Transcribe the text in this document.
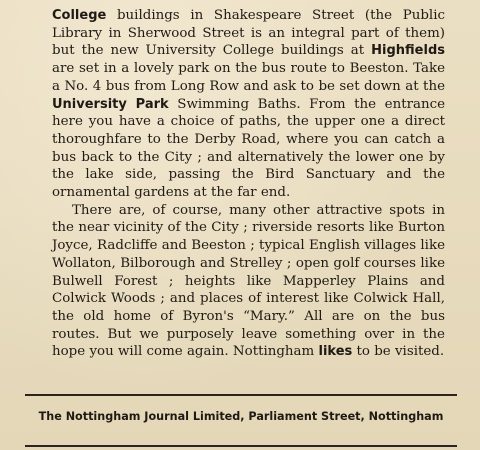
College buildings in Shakespeare Street (the Public Library in Sherwood Street is an integral part of them) but the new University College buildings at Highfields are set in a lovely park on the bus route to Beeston. Take a No. 4 bus from Long Row and ask to be set down at the University Park Swimming Baths. From the entrance here you have a choice of paths, the upper one a direct thoroughfare to the Derby Road, where you can catch a bus back to the City ; and alternatively the lower one by the lake side, passing the Bird Sanctuary and the ornamental gardens at the far end.

There are, of course, many other attractive spots in the near vicinity of the City ; riverside resorts like Burton Joyce, Radcliffe and Beeston ; typical English villages like Wollaton, Bilborough and Strelley ; open golf courses like Bulwell Forest ; heights like Mapperley Plains and Colwick Woods ; and places of interest like Colwick Hall, the old home of Byron's “Mary.” All are on the bus routes. But we purposely leave something over in the hope you will come again. Nottingham likes to be visited.

The Nottingham Journal Limited, Parliament Street, Nottingham
